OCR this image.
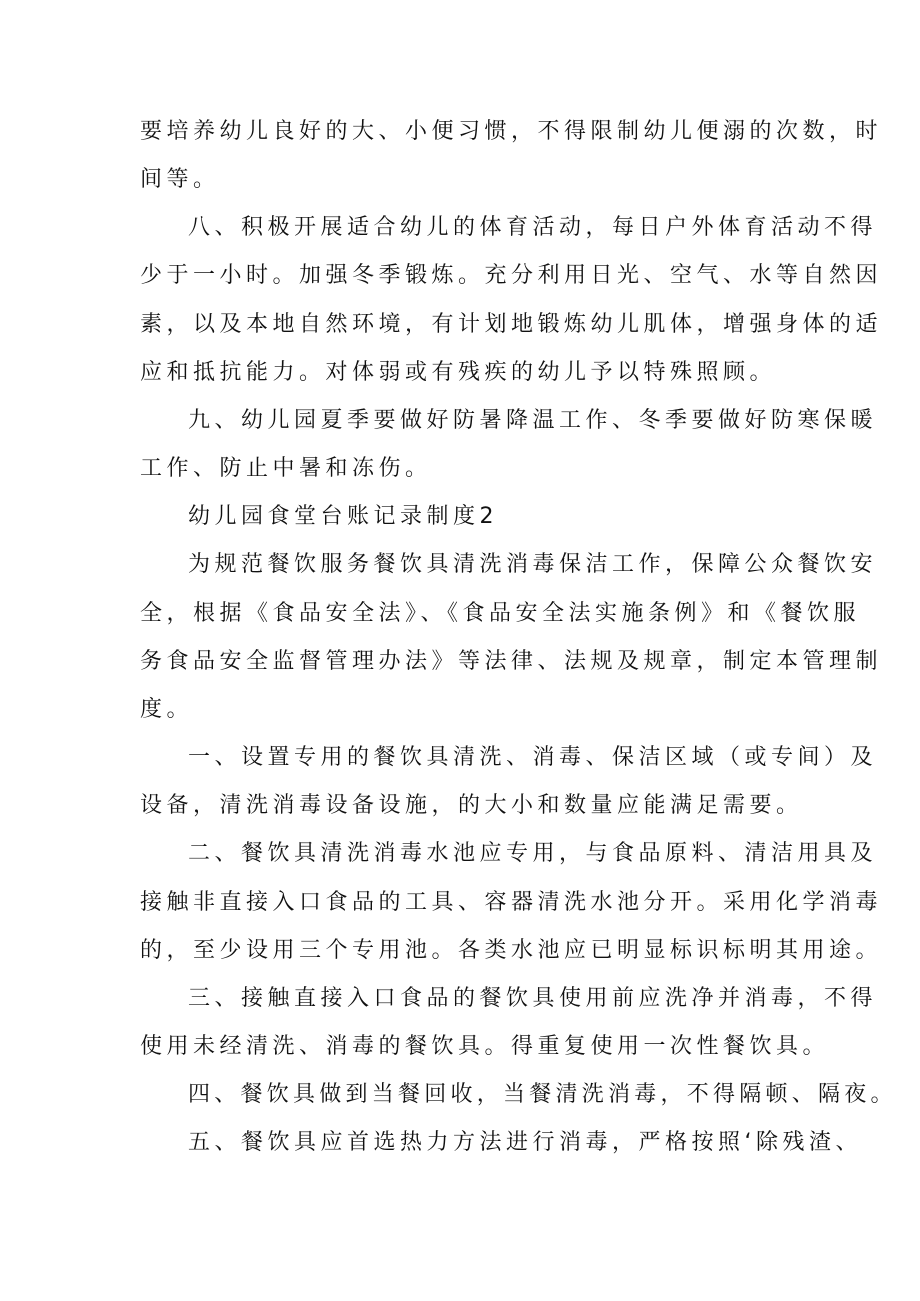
要培养幼儿良好的大、小便习惯，不得限制幼儿便溺的次数，时
间等。
八、积极开展适合幼儿的体育活动，每日户外体育活动不得
少于一小时。加强冬季锻炼。充分利用日光、空气、水等自然因
素，以及本地自然环境，有计划地锻炼幼儿肌体，增强身体的适
应和抵抗能力。对体弱或有残疾的幼儿予以特殊照顾。
九、幼儿园夏季要做好防暑降温工作、冬季要做好防寒保暖
工作、防止中暑和冻伤。
幼儿园食堂台账记录制度2
为规范餐饮服务餐饮具清洗消毒保洁工作，保障公众餐饮安
全，根据《食品安全法》、《食品安全法实施条例》和《餐饮服
务食品安全监督管理办法》等法律、法规及规章，制定本管理制
度。
一、设置专用的餐饮具清洗、消毒、保洁区域（或专间）及
设备，清洗消毒设备设施，的大小和数量应能满足需要。
二、餐饮具清洗消毒水池应专用，与食品原料、清洁用具及
接触非直接入口食品的工具、容器清洗水池分开。采用化学消毒
的，至少设用三个专用池。各类水池应已明显标识标明其用途。
三、接触直接入口食品的餐饮具使用前应洗净并消毒，不得
使用未经清洗、消毒的餐饮具。得重复使用一次性餐饮具。
四、餐饮具做到当餐回收，当餐清洗消毒，不得隔顿、隔夜。
五、餐饮具应首选热力方法进行消毒，严格按照‘除残渣、
